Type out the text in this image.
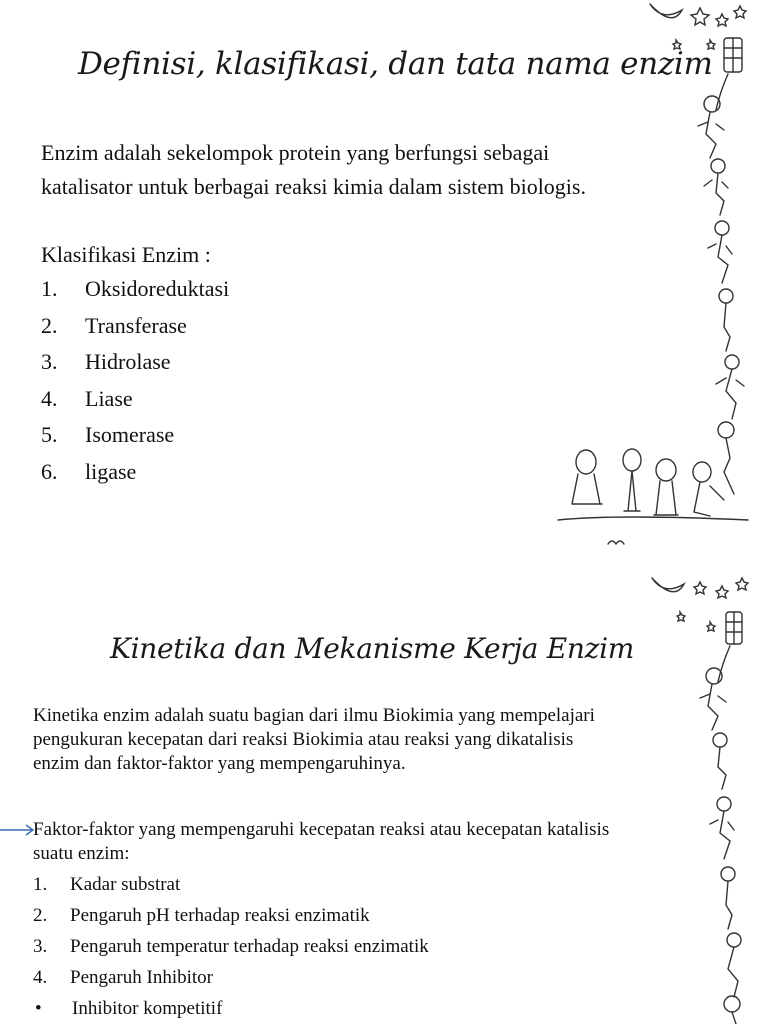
Definisi, klasifikasi, dan tata nama enzim
Enzim adalah sekelompok protein yang berfungsi sebagai
katalisator untuk berbagai reaksi kimia dalam sistem biologis.
Klasifikasi Enzim :
1.	Oksidoreduktasi
2.	Transferase
3.	Hidrolase
4.	Liase
5.	Isomerase
6.	ligase
Kinetika dan Mekanisme Kerja Enzim
Kinetika enzim adalah suatu bagian dari ilmu Biokimia yang mempelajari
pengukuran kecepatan dari reaksi Biokimia atau reaksi yang dikatalisis
enzim dan faktor-faktor yang mempengaruhinya.
Faktor-faktor yang mempengaruhi kecepatan reaksi atau kecepatan katalisis
suatu enzim:
1.	Kadar substrat
2.	Pengaruh pH terhadap reaksi enzimatik
3.	Pengaruh temperatur terhadap reaksi enzimatik
4.	Pengaruh Inhibitor
•	Inhibitor kompetitif
